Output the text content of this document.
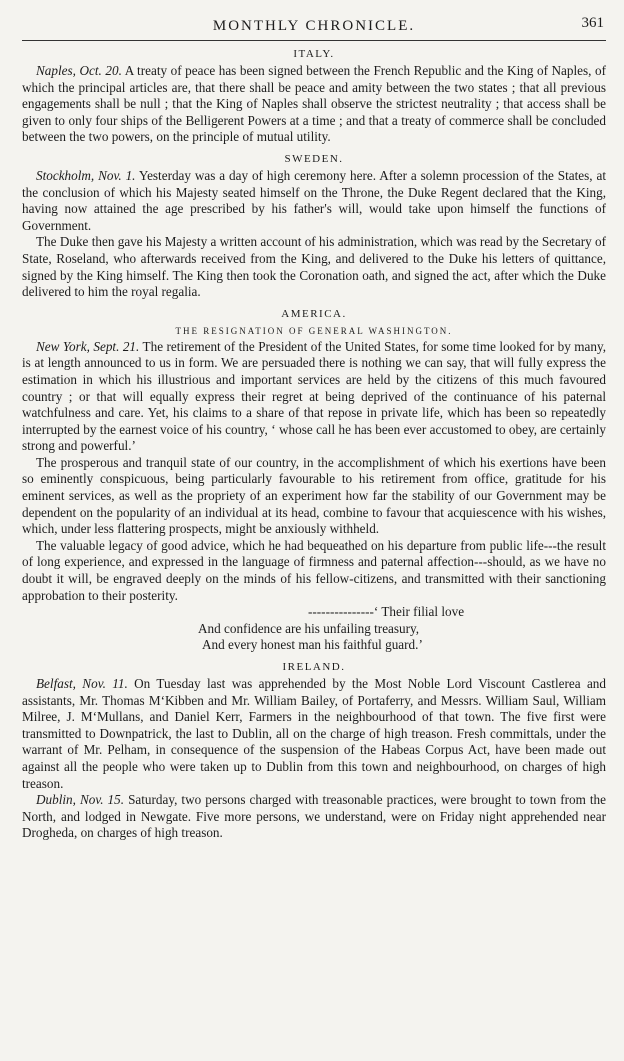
MONTHLY CHRONICLE.	361
ITALY.

Naples, Oct. 20. A treaty of peace has been signed between the French Republic and the King of Naples, of which the principal articles are, that there shall be peace and amity between the two states ; that all previous engagements shall be null ; that the King of Naples shall observe the strictest neutrality ; that access shall be given to only four ships of the Belligerent Powers at a time ; and that a treaty of commerce shall be concluded between the two powers, on the principle of mutual utility.

SWEDEN.

Stockholm, Nov. 1. Yesterday was a day of high ceremony here. After a solemn procession of the States, at the conclusion of which his Majesty seated himself on the Throne, the Duke Regent declared that the King, having now attained the age prescribed by his father's will, would take upon himself the functions of Government.

The Duke then gave his Majesty a written account of his administration, which was read by the Secretary of State, Roseland, who afterwards received from the King, and delivered to the Duke his letters of quittance, signed by the King himself. The King then took the Coronation oath, and signed the act, after which the Duke delivered to him the royal regalia.

AMERICA.
THE RESIGNATION OF GENERAL WASHINGTON.

New York, Sept. 21. The retirement of the President of the United States, for some time looked for by many, is at length announced to us in form. We are persuaded there is nothing we can say, that will fully express the estimation in which his illustrious and important services are held by the citizens of this much favoured country ; or that will equally express their regret at being deprived of the continuance of his paternal watchfulness and care. Yet, his claims to a share of that repose in private life, which has been so repeatedly interrupted by the earnest voice of his country, ‘ whose call he has been ever accustomed to obey, are certainly strong and powerful.’

The prosperous and tranquil state of our country, in the accomplishment of which his exertions have been so eminently conspicuous, being particularly favourable to his retirement from office, gratitude for his eminent services, as well as the propriety of an experiment how far the stability of our Government may be dependent on the popularity of an individual at its head, combine to favour that acquiescence with his wishes, which, under less flattering prospects, might be anxiously withheld.

The valuable legacy of good advice, which he had bequeathed on his departure from public life---the result of long experience, and expressed in the language of firmness and paternal affection---should, as we have no doubt it will, be engraved deeply on the minds of his fellow-citizens, and transmitted with their sanctioning approbation to their posterity.

---------------‘ Their filial love
And confidence are his unfailing treasury,
And every honest man his faithful guard.’
IRELAND.

Belfast, Nov. 11. On Tuesday last was apprehended by the Most Noble Lord Viscount Castlerea and assistants, Mr. Thomas M‘Kibben and Mr. William Bailey, of Portaferry, and Messrs. William Saul, William Milree, J. M‘Mullans, and Daniel Kerr, Farmers in the neighbourhood of that town. The five first were transmitted to Downpatrick, the last to Dublin, all on the charge of high treason. Fresh committals, under the warrant of Mr. Pelham, in consequence of the suspension of the Habeas Corpus Act, have been made out against all the people who were taken up to Dublin from this town and neighbourhood, on charges of high treason.

Dublin, Nov. 15. Saturday, two persons charged with treasonable practices, were brought to town from the North, and lodged in Newgate. Five more persons, we understand, were on Friday night apprehended near Drogheda, on charges of high treason.
